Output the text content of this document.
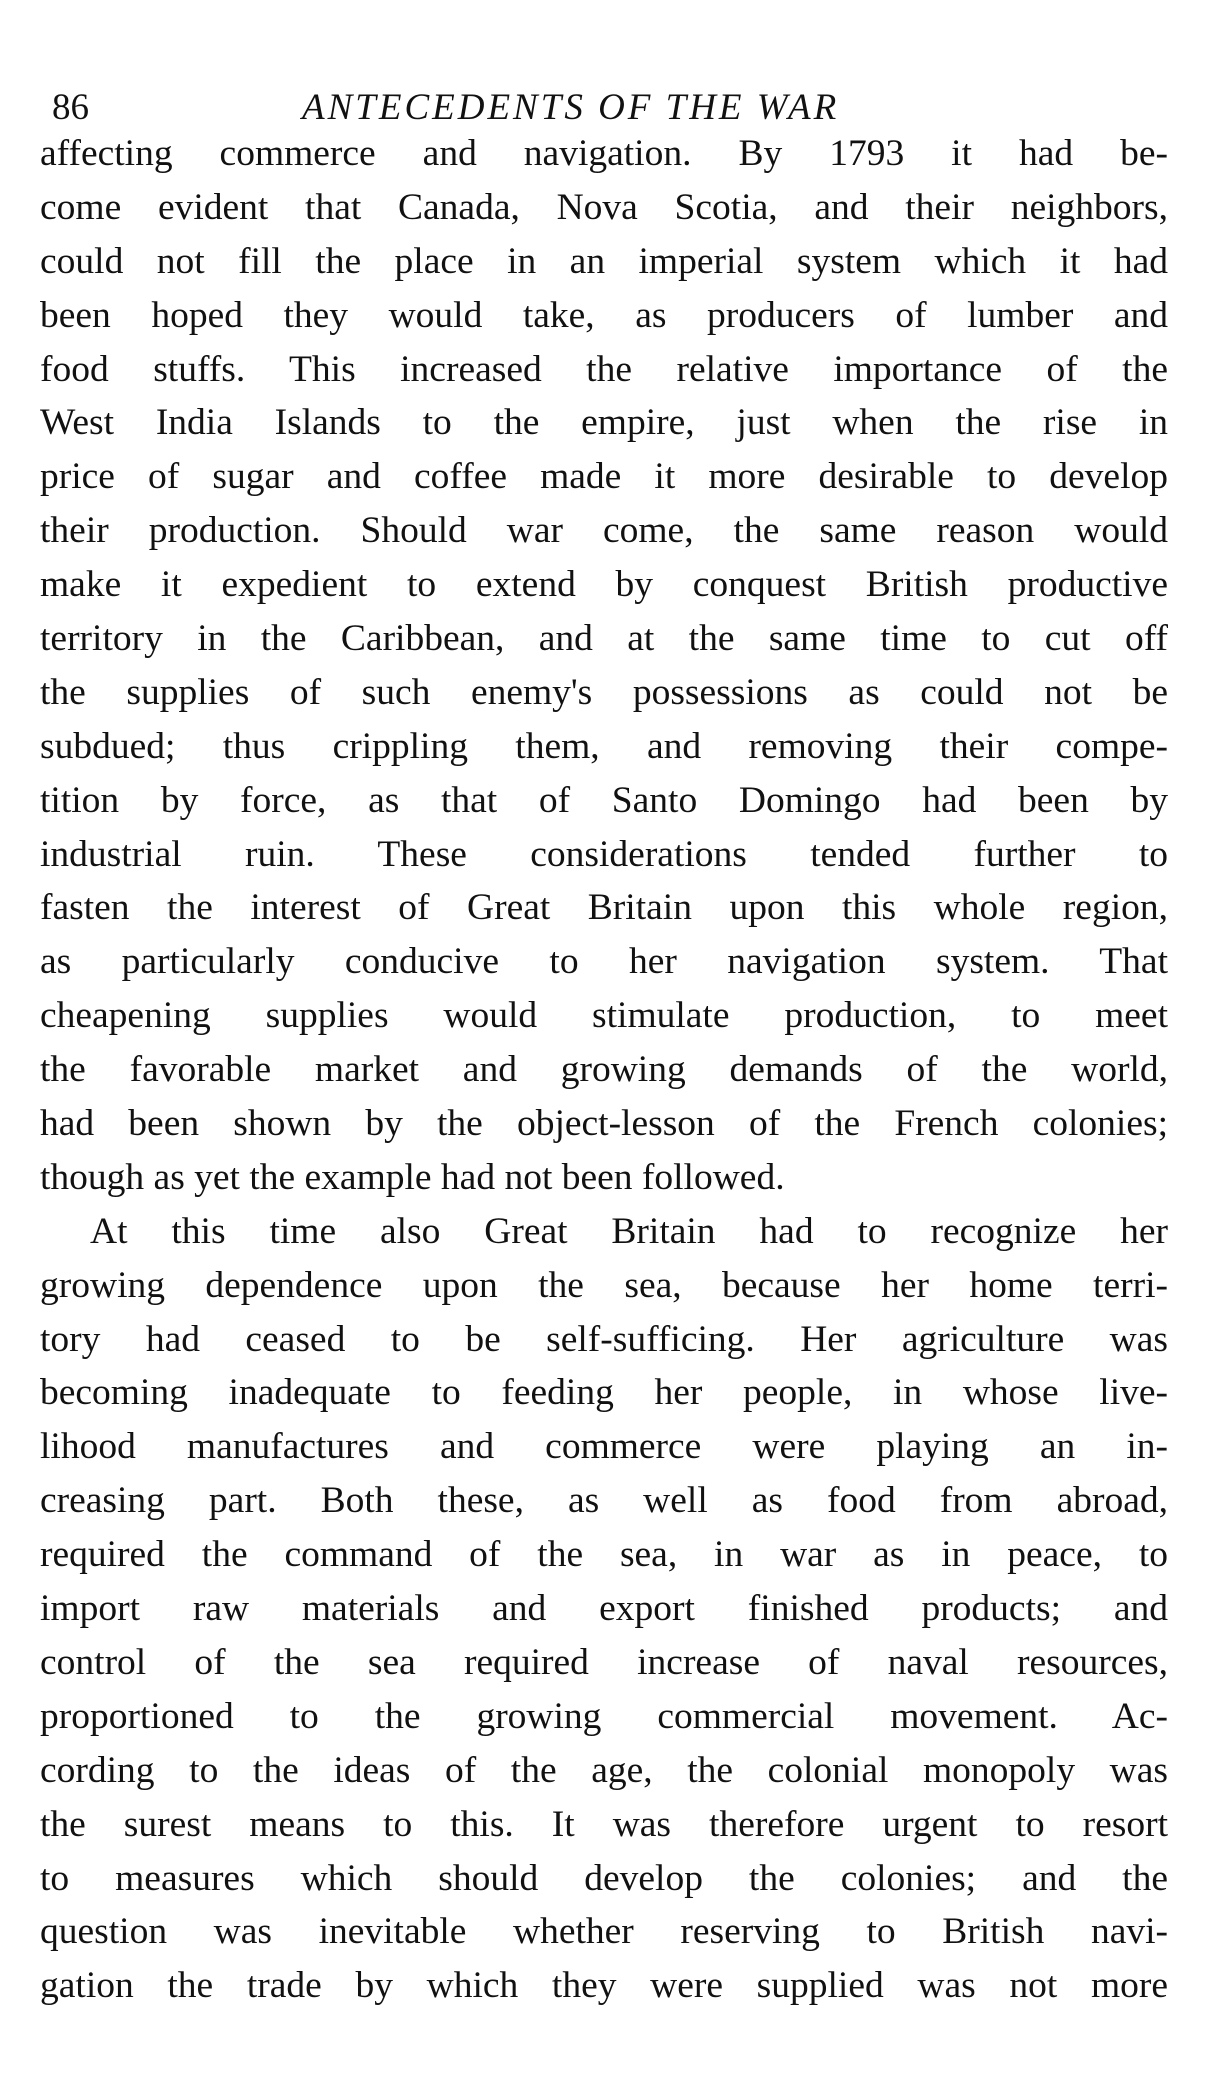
86	ANTECEDENTS OF THE WAR
affecting commerce and navigation. By 1793 it had be-
come evident that Canada, Nova Scotia, and their neighbors,
could not fill the place in an imperial system which it had
been hoped they would take, as producers of lumber and
food stuffs. This increased the relative importance of the
West India Islands to the empire, just when the rise in
price of sugar and coffee made it more desirable to develop
their production. Should war come, the same reason would
make it expedient to extend by conquest British productive
territory in the Caribbean, and at the same time to cut off
the supplies of such enemy's possessions as could not be
subdued; thus crippling them, and removing their compe-
tition by force, as that of Santo Domingo had been by
industrial ruin. These considerations tended further to
fasten the interest of Great Britain upon this whole region,
as particularly conducive to her navigation system. That
cheapening supplies would stimulate production, to meet
the favorable market and growing demands of the world,
had been shown by the object-lesson of the French colonies;
though as yet the example had not been followed.
At this time also Great Britain had to recognize her
growing dependence upon the sea, because her home terri-
tory had ceased to be self-sufficing. Her agriculture was
becoming inadequate to feeding her people, in whose live-
lihood manufactures and commerce were playing an in-
creasing part. Both these, as well as food from abroad,
required the command of the sea, in war as in peace, to
import raw materials and export finished products; and
control of the sea required increase of naval resources,
proportioned to the growing commercial movement. Ac-
cording to the ideas of the age, the colonial monopoly was
the surest means to this. It was therefore urgent to resort
to measures which should develop the colonies; and the
question was inevitable whether reserving to British navi-
gation the trade by which they were supplied was not more
